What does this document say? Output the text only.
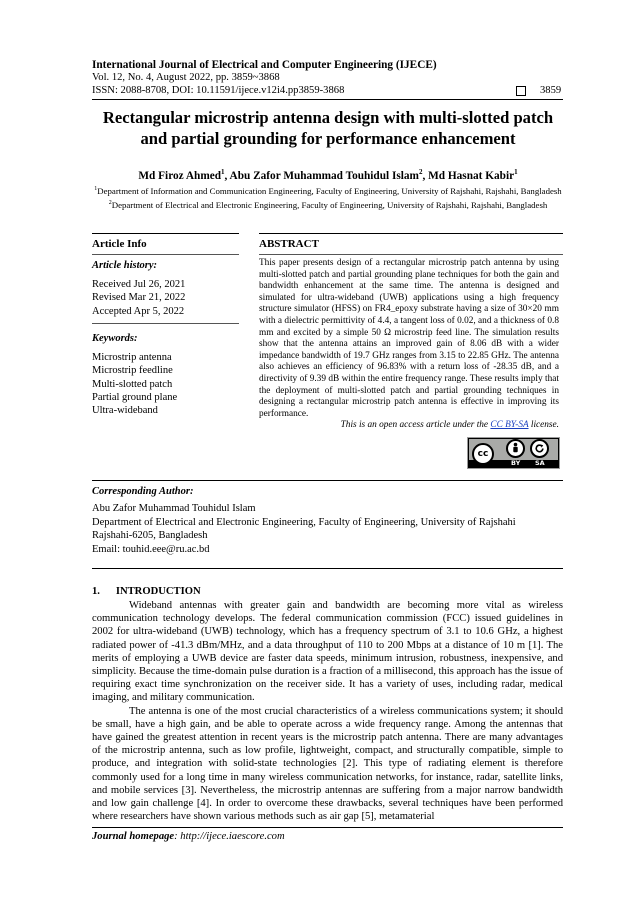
International Journal of Electrical and Computer Engineering (IJECE)
Vol. 12, No. 4, August 2022, pp. 3859~3868
ISSN: 2088-8708, DOI: 10.11591/ijece.v12i4.pp3859-3868	3859
Rectangular microstrip antenna design with multi-slotted patch
and partial grounding for performance enhancement
Md Firoz Ahmed$^1$, Abu Zafor Muhammad Touhidul Islam$^2$, Md Hasnat Kabir$^1$
$^1$Department of Information and Communication Engineering, Faculty of Engineering, University of Rajshahi, Rajshahi, Bangladesh
$^2$Department of Electrical and Electronic Engineering, Faculty of Engineering, University of Rajshahi, Rajshahi, Bangladesh
Article Info
Article history:
Received Jul 26, 2021
Revised Mar 21, 2022
Accepted Apr 5, 2022
Keywords:
Microstrip antenna
Microstrip feedline
Multi-slotted patch
Partial ground plane
Ultra-wideband
ABSTRACT
This paper presents design of a rectangular microstrip patch antenna by using multi-slotted patch and partial grounding plane techniques for both the gain and bandwidth enhancement at the same time. The antenna is designed and simulated for ultra-wideband (UWB) applications using a high frequency structure simulator (HFSS) on FR4_epoxy substrate having a size of 30×20 mm with a dielectric permittivity of 4.4, a tangent loss of 0.02, and a thickness of 0.8 mm and excited by a simple 50 Ω microstrip feed line. The simulation results show that the antenna attains an improved gain of 8.06 dB with a wider impedance bandwidth of 19.7 GHz ranges from 3.15 to 22.85 GHz. The antenna also achieves an efficiency of 96.83% with a return loss of -28.35 dB, and a directivity of 9.39 dB within the entire frequency range. These results imply that the deployment of multi-slotted patch and partial grounding techniques in designing a rectangular microstrip patch antenna is effective in improving its performance.
This is an open access article under the CC BY-SA license.
cc
BY SA
Corresponding Author:
Abu Zafor Muhammad Touhidul Islam
Department of Electrical and Electronic Engineering, Faculty of Engineering, University of Rajshahi
Rajshahi-6205, Bangladesh
Email: touhid.eee@ru.ac.bd
1.      INTRODUCTION

Wideband antennas with greater gain and bandwidth are becoming more vital as wireless communication technology develops. The federal communication commission (FCC) issued guidelines in 2002 for ultra-wideband (UWB) technology, which has a frequency spectrum of 3.1 to 10.6 GHz, a highest radiated power of -41.3 dBm/MHz, and a data throughput of 110 to 200 Mbps at a distance of 10 m [1]. The merits of employing a UWB device are faster data speeds, minimum intrusion, robustness, inexpensive, and simplicity. Because the time-domain pulse duration is a fraction of a millisecond, this approach has the issue of requiring exact time synchronization on the receiver side. It has a variety of uses, including radar, medical imaging, and military communication.

The antenna is one of the most crucial characteristics of a wireless communications system; it should be small, have a high gain, and be able to operate across a wide frequency range. Among the antennas that have gained the greatest attention in recent years is the microstrip patch antenna. There are many advantages of the microstrip antenna, such as low profile, lightweight, compact, and structurally compatible, simple to produce, and integration with solid-state technologies [2]. This type of radiating element is therefore commonly used for a long time in many wireless communication networks, for instance, radar, satellite links, and mobile services [3]. Nevertheless, the microstrip antennas are suffering from a major narrow bandwidth and low gain challenge [4]. In order to overcome these drawbacks, several techniques have been performed where researchers have shown various methods such as air gap [5], metamaterial

Journal homepage: http://ijece.iaescore.com
